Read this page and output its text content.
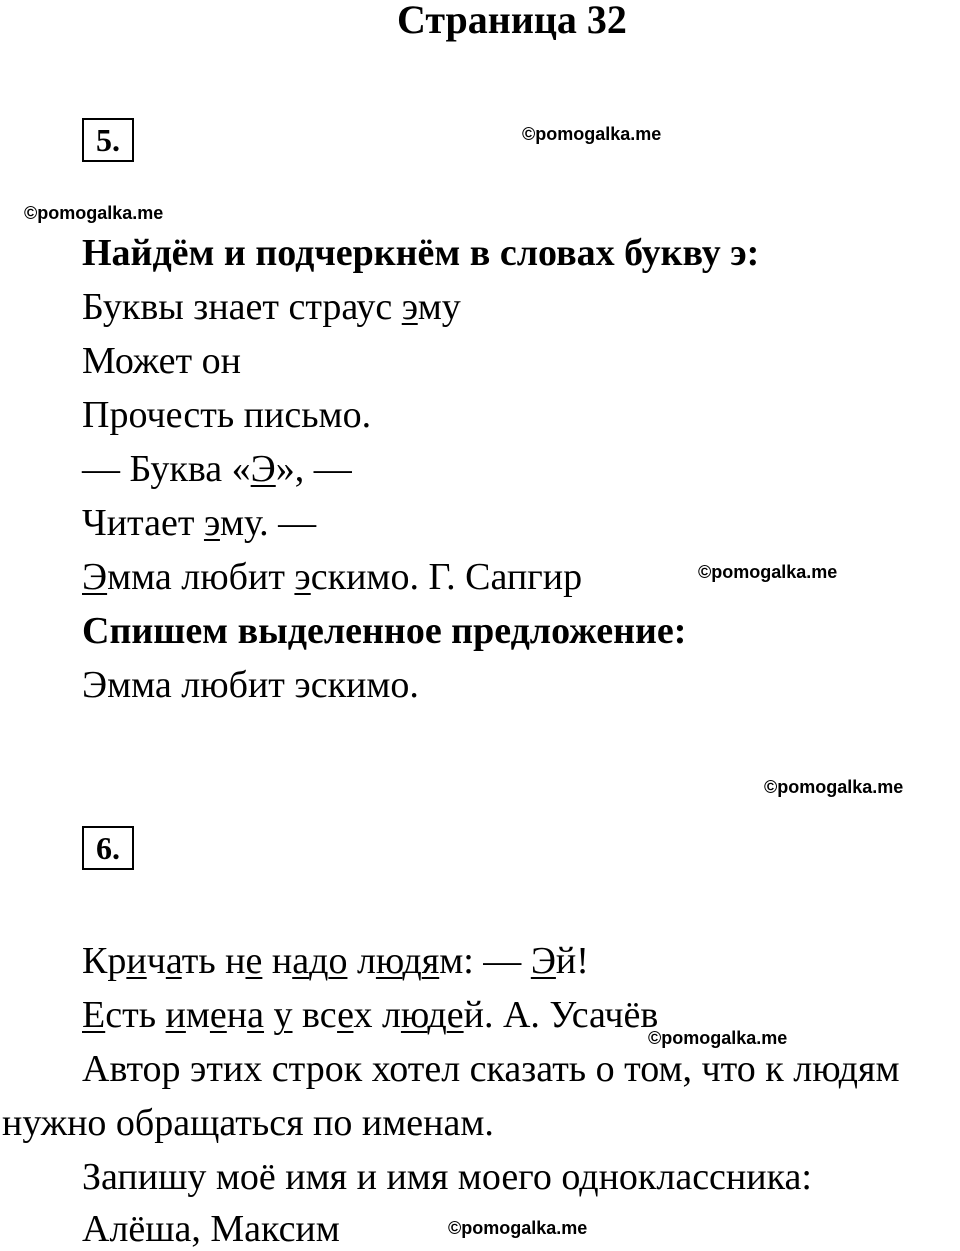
Страница 32
5.	©pomogalka.me
©pomogalka.me
Найдём и подчеркнём в словах букву э:
Буквы знает страус эму
Может он
Прочесть письмо.
— Буква «Э», —
Читает эму. —
Эмма любит эскимо. Г. Сапгир	©pomogalka.me
Спишем выделенное предложение:
Эмма любит эскимо.
©pomogalka.me
6.
Кричать не надо людям: — Эй!
Есть имена у всех людей. А. Усачёв
©pomogalka.me
Автор этих строк хотел сказать о том, что к людям
нужно обращаться по именам.
Запишу моё имя и имя моего одноклассника:
Алёша, Максим	©pomogalka.me
